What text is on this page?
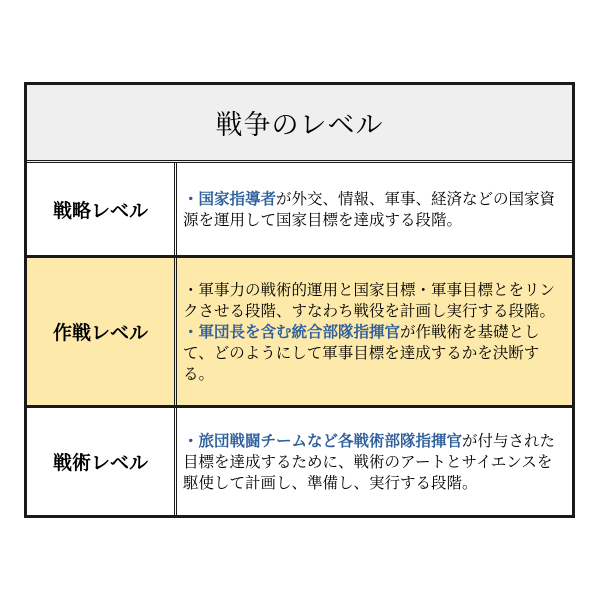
戦争のレベル
戦略レベル

・国家指導者が外交、情報、軍事、経済などの国家資源を運用して国家目標を達成する段階。

作戦レベル

・軍事力の戦術的運用と国家目標・軍事目標とをリンクさせる段階、すなわち戦役を計画し実行する段階。

・軍団長を含む統合部隊指揮官が作戦術を基礎として、どのようにして軍事目標を達成するかを決断する。

戦術レベル

・旅団戦闘チームなど各戦術部隊指揮官が付与された目標を達成するために、戦術のアートとサイエンスを駆使して計画し、準備し、実行する段階。
